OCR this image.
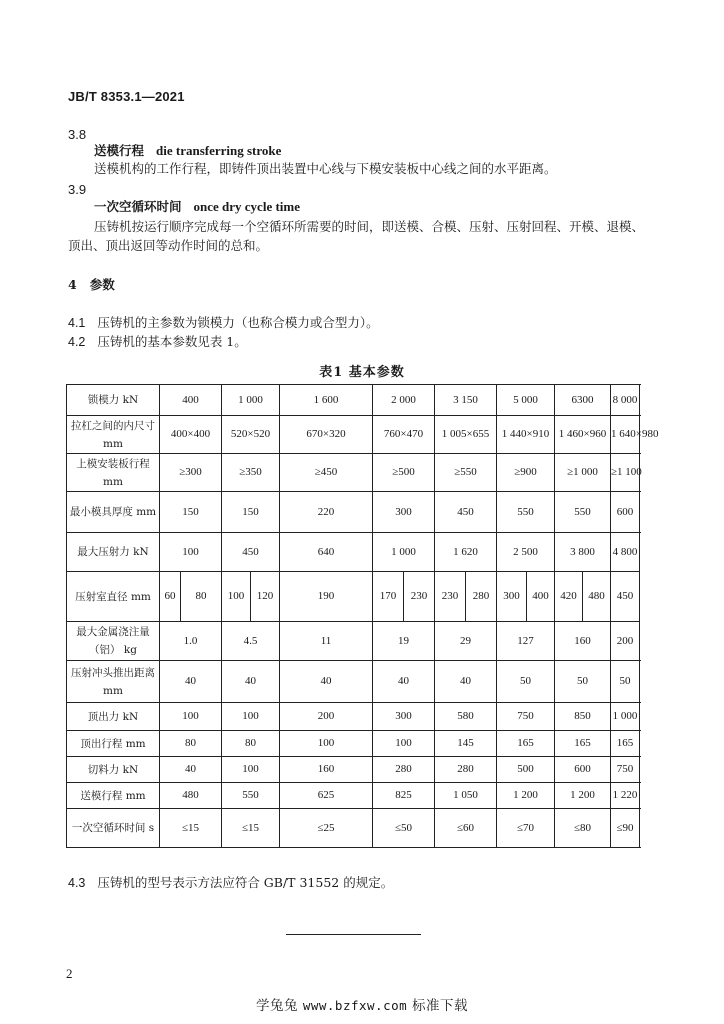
JB/T 8353.1—2021
3.8
送模行程 die transferring stroke
送模机构的工作行程，即铸件顶出装置中心线与下模安装板中心线之间的水平距离。
3.9
一次空循环时间 once dry cycle time
压铸机按运行顺序完成每一个空循环所需要的时间，即送模、合模、压射、压射回程、开模、退模、
顶出、顶出返回等动作时间的总和。
4   参数
4.1 压铸机的主参数为锁模力（也称合模力或合型力）。
4.2 压铸机的基本参数见表 1。
表1 基本参数
锁模力 kN	400		1 000		1 600	2 000		3 150		5 000		6300		8 000	
拉杠之间的内尺寸 mm	400×400		520×520		670×320	760×470		1 005×655		1 440×910		1 460×960		1 640×980	
上模安装板行程 mm	≥300		≥350		≥450	≥500		≥550		≥900		≥1 000		≥1 100	
最小模具厚度 mm	150		150		220	300		450		550		550		600	
最大压射力 kN	100		450		640	1 000		1 620		2 500		3 800		4 800	
压射室直径 mm	60	80	100	120	190	170	230	230	280	300	400	420	480	450	
最大金属浇注量（铝） kg	1.0		4.5		11	19		29		127		160		200	
压射冲头推出距离 mm	40		40		40	40		40		50		50		50	
顶出力 kN	100		100		200	300		580		750		850		1 000	
顶出行程 mm	80		80		100	100		145		165		165		165	
切料力 kN	40		100		160	280		280		500		600		750	
送模行程 mm	480		550		625	825		1 050		1 200		1 200		1 220	
一次空循环时间 s	≤15		≤15		≤25	≤50		≤60		≤70		≤80		≤90	
4.3 压铸机的型号表示方法应符合 GB/T 31552 的规定。
2
学兔兔 www.bzfxw.com 标准下载
